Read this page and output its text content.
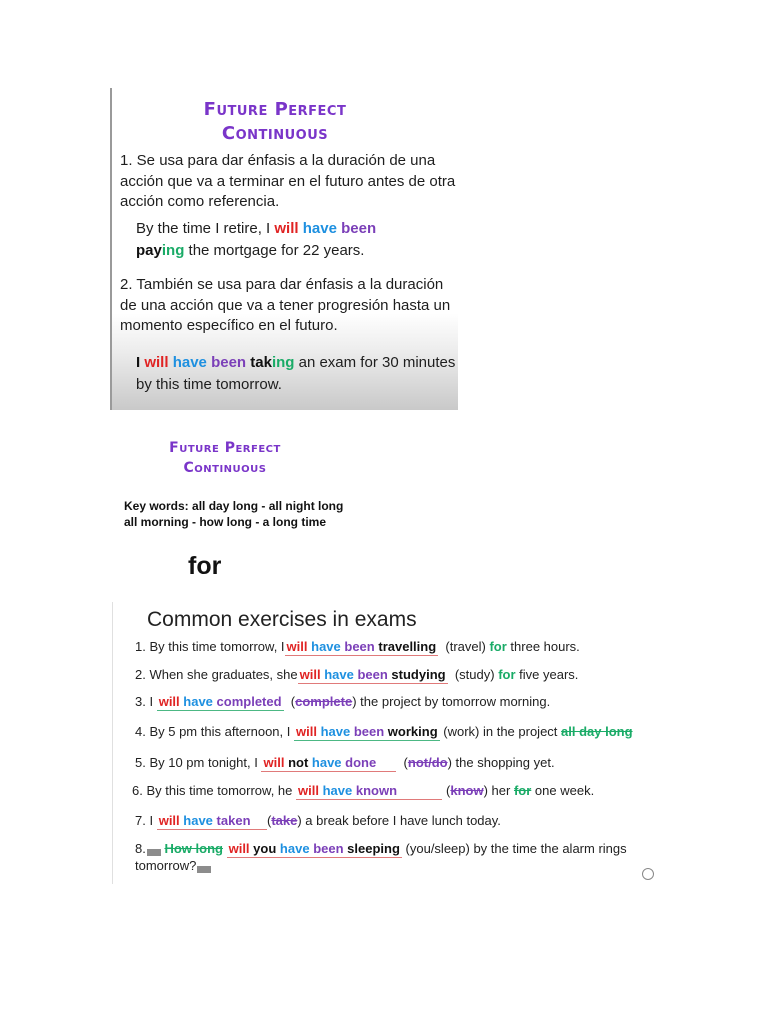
Future Perfect
Continuous
1. Se usa para dar énfasis a la duración de una acción que va a terminar en el futuro antes de otra acción como referencia.
By the time I retire, I will have been
paying the mortgage for 22 years.
2. También se usa para dar énfasis a la duración de una acción que va a tener progresión hasta un momento específico en el futuro.
I will have been taking an exam for 30 minutes by this time tomorrow.
Future Perfect
Continuous
Key words: all day long - all night long
all morning - how long - a long time
for
Common exercises in exams
1. By this time tomorrow, I will have been travelling (travel) for three hours.
2. When she graduates, she will have been studying (study) for five years.
3. I will have completed (complete) the project by tomorrow morning.
4. By 5 pm this afternoon, I will have been working (work) in the project all day long
5. By 10 pm tonight, I will not have done (not/do) the shopping yet.
6. By this time tomorrow, he will have known	(know) her for one week.
7. I will have taken (take) a break before I have lunch today.
8. How long will you have been sleeping (you/sleep) by the time the alarm rings
tomorrow?
